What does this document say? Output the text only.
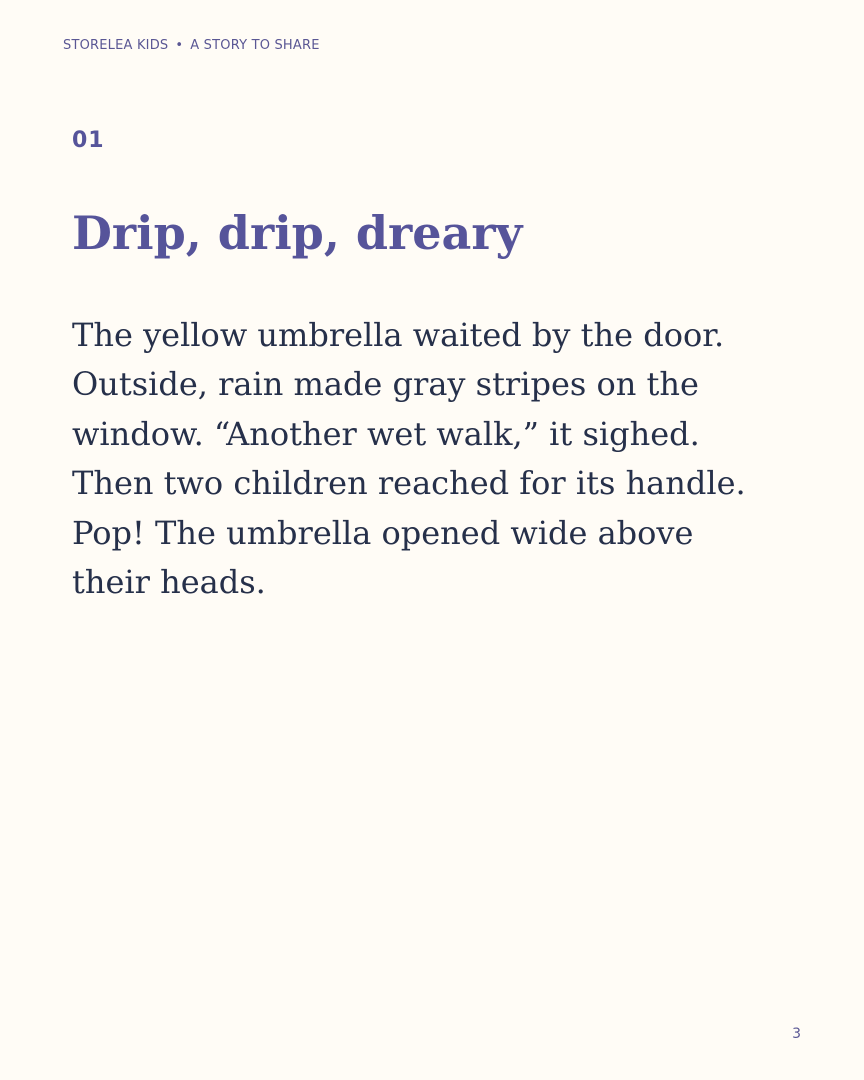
STORELEA KIDS • A STORY TO SHARE
01
Drip, drip, dreary
The yellow umbrella waited by the door.
Outside, rain made gray stripes on the
window. “Another wet walk,” it sighed.
Then two children reached for its handle.
Pop! The umbrella opened wide above
their heads.
3
